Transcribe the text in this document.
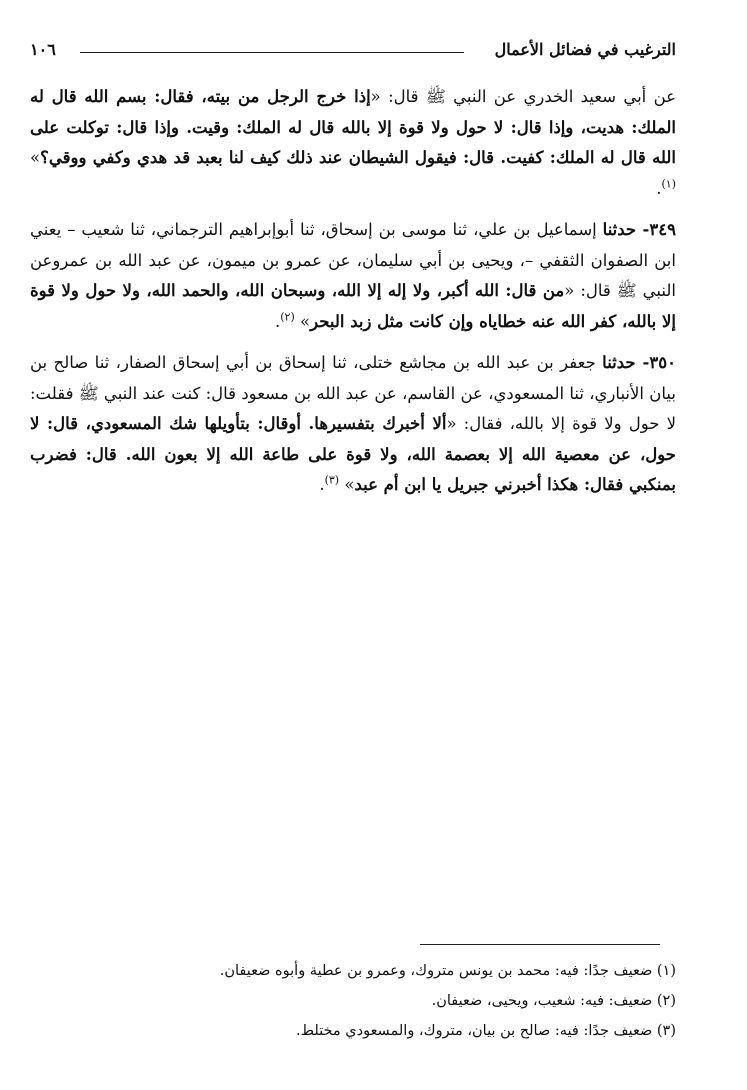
الترغيب في فضائل الأعمال
١٠٦

عن أبي سعيد الخدري عن النبي ﷺ قال: «إذا خرج الرجل من بيته، فقال: بسم الله قال له الملك: هديت، وإذا قال: لا حول ولا قوة إلا بالله قال له الملك: وقيت. وإذا قال: توكلت على الله قال له الملك: كفيت. قال: فيقول الشيطان عند ذلك كيف لنا بعبد قد هدي وكفي ووقي؟» $^{(١)}$.

٣٤٩- حدثنا إسماعيل بن علي، ثنا موسى بن إسحاق، ثنا أبوإبراهيم الترجماني، ثنا شعيب – يعني ابن الصفوان الثقفي –، ويحيى بن أبي سليمان، عن عمرو بن ميمون، عن عبد الله بن عمروعن النبي ﷺ قال: «من قال: الله أكبر، ولا إله إلا الله، وسبحان الله، والحمد الله، ولا حول ولا قوة إلا بالله، كفر الله عنه خطاياه وإن كانت مثل زبد البحر» $^{(٢)}$.

٣٥٠- حدثنا جعفر بن عبد الله بن مجاشع ختلى، ثنا إسحاق بن أبي إسحاق الصفار، ثنا صالح بن بيان الأنباري، ثنا المسعودي، عن القاسم، عن عبد الله بن مسعود قال: كنت عند النبي ﷺ فقلت: لا حول ولا قوة إلا بالله، فقال: «ألا أخبرك بتفسيرها. أوقال: بتأويلها شك المسعودي، قال: لا حول، عن معصية الله إلا بعصمة الله، ولا قوة على طاعة الله إلا بعون الله. قال: فضرب بمنكبي فقال: هكذا أخبرني جبريل يا ابن أم عبد» $^{(٣)}$.

(١) ضعيف جدًا: فيه: محمد بن يونس متروك، وعمرو بن عطية وأبوه ضعيفان.
(٢) ضعيف: فيه: شعيب، ويحيى، ضعيفان.
(٣) ضعيف جدًا: فيه: صالح بن بيان، متروك، والمسعودي مختلط.
